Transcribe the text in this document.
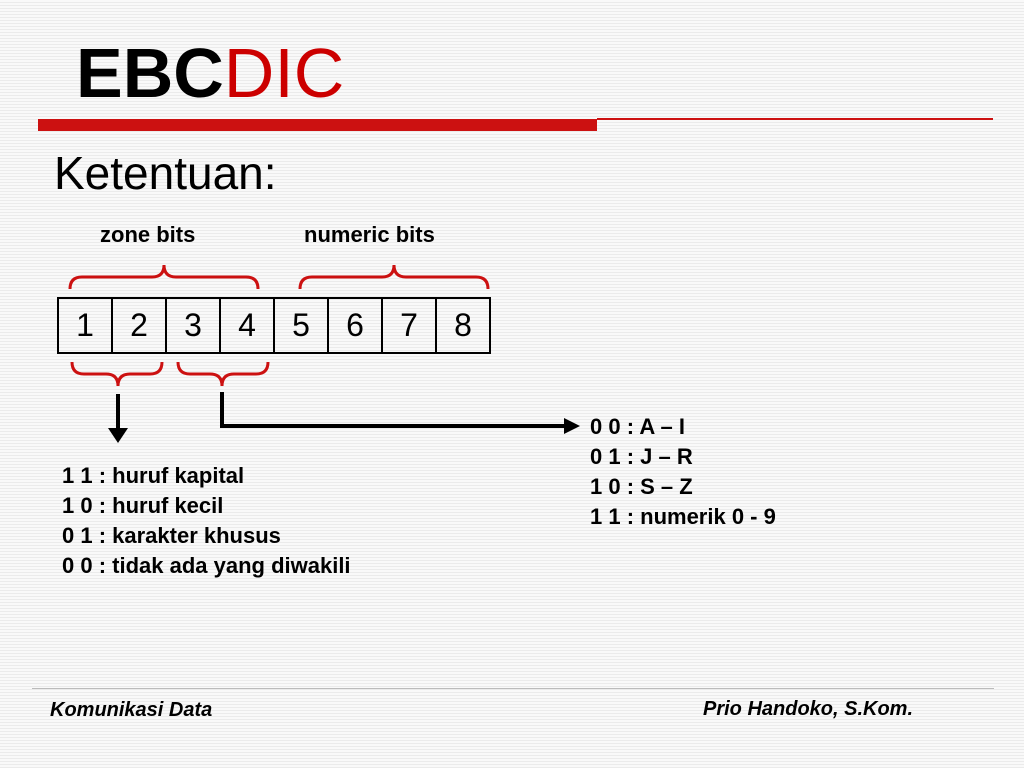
EBCDIC
Ketentuan:
zone bits	numeric bits
1	2	3	4	5	6	7	8
1 1 : huruf kapital
1 0 : huruf kecil
0 1 : karakter khusus
0 0 : tidak ada yang diwakili
0 0 : A – I
0 1 : J – R
1 0 : S – Z
1 1 : numerik 0 - 9
Komunikasi Data	Prio Handoko, S.Kom.
